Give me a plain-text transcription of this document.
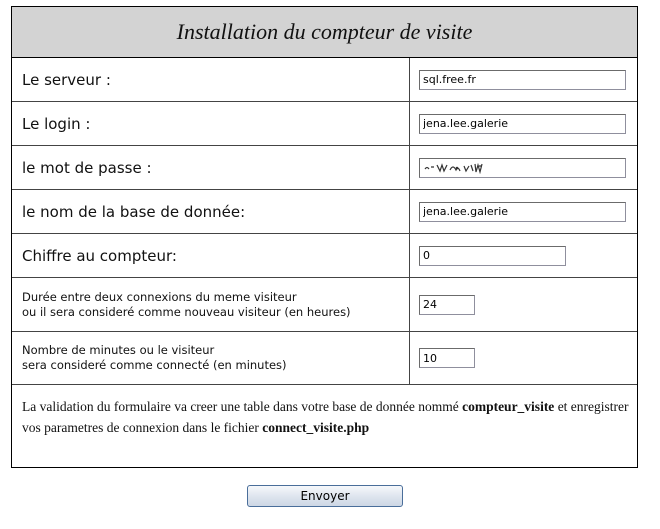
Installation du compteur de visite
Le serveur :
sql.free.fr
Le login :
jena.lee.galerie
le mot de passe :
le nom de la base de donnée:
jena.lee.galerie
Chiffre au compteur:
0
Durée entre deux connexions du meme visiteur
ou il sera consideré comme nouveau visiteur (en heures)
24
Nombre de minutes ou le visiteur
sera consideré comme connecté (en minutes)
10
La validation du formulaire va creer une table dans votre base de donnée nommé compteur_visite et enregistrer vos parametres de connexion dans le fichier connect_visite.php
Envoyer
